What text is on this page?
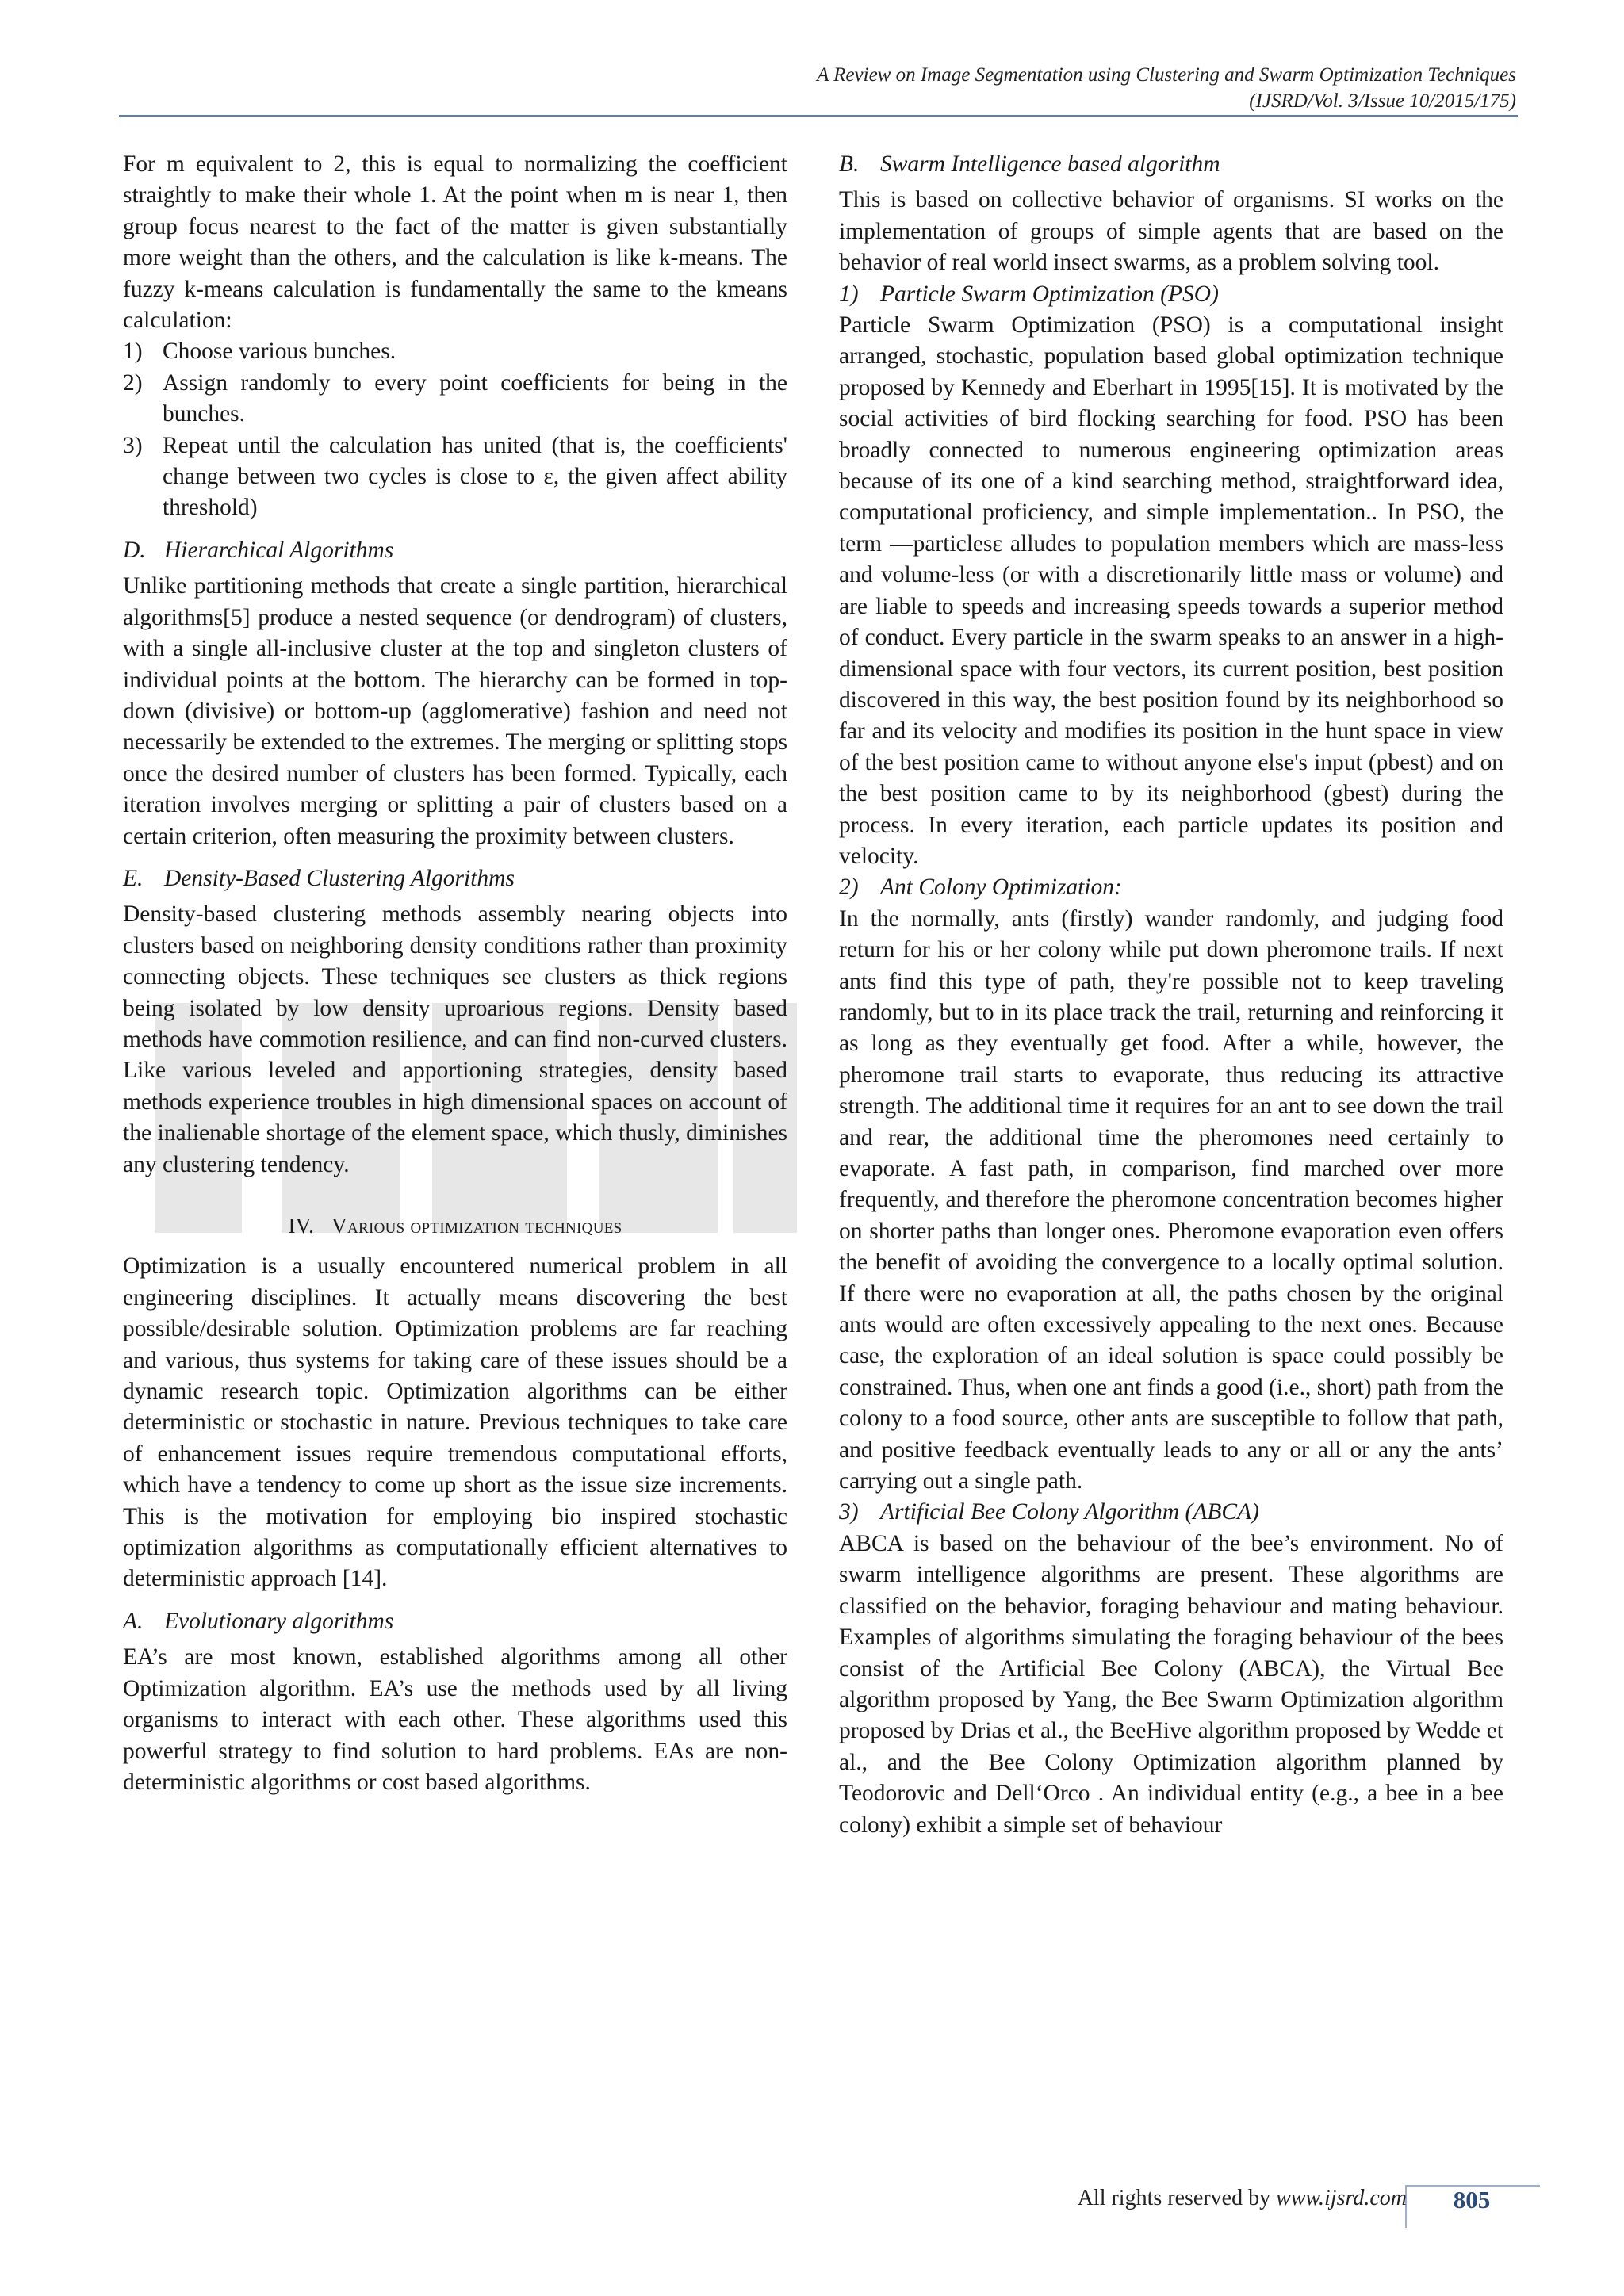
A Review on Image Segmentation using Clustering and Swarm Optimization Techniques
(IJSRD/Vol. 3/Issue 10/2015/175)

For m equivalent to 2, this is equal to normalizing the coefficient straightly to make their whole 1. At the point when m is near 1, then group focus nearest to the fact of the matter is given substantially more weight than the others, and the calculation is like k-means. The fuzzy k-means calculation is fundamentally the same to the kmeans calculation:

1) Choose various bunches.
2) Assign randomly to every point coefficients for being in the bunches.
3) Repeat until the calculation has united (that is, the coefficients' change between two cycles is close to ε, the given affect ability threshold)
D. Hierarchical Algorithms

Unlike partitioning methods that create a single partition, hierarchical algorithms[5] produce a nested sequence (or dendrogram) of clusters, with a single all-inclusive cluster at the top and singleton clusters of individual points at the bottom. The hierarchy can be formed in top-down (divisive) or bottom-up (agglomerative) fashion and need not necessarily be extended to the extremes. The merging or splitting stops once the desired number of clusters has been formed. Typically, each iteration involves merging or splitting a pair of clusters based on a certain criterion, often measuring the proximity between clusters.

E. Density-Based Clustering Algorithms

Density-based clustering methods assembly nearing objects into clusters based on neighboring density conditions rather than proximity connecting objects. These techniques see clusters as thick regions being isolated by low density uproarious regions. Density based methods have commotion resilience, and can find non-curved clusters. Like various leveled and apportioning strategies, density based methods experience troubles in high dimensional spaces on account of the inalienable shortage of the element space, which thusly, diminishes any clustering tendency.

IV. Various optimization techniques

Optimization is a usually encountered numerical problem in all engineering disciplines. It actually means discovering the best possible/desirable solution. Optimization problems are far reaching and various, thus systems for taking care of these issues should be a dynamic research topic. Optimization algorithms can be either deterministic or stochastic in nature. Previous techniques to take care of enhancement issues require tremendous computational efforts, which have a tendency to come up short as the issue size increments. This is the motivation for employing bio inspired stochastic optimization algorithms as computationally efficient alternatives to deterministic approach [14].

A. Evolutionary algorithms

EA’s are most known, established algorithms among all other Optimization algorithm. EA’s use the methods used by all living organisms to interact with each other. These algorithms used this powerful strategy to find solution to hard problems. EAs are non-deterministic algorithms or cost based algorithms.

B. Swarm Intelligence based algorithm

This is based on collective behavior of organisms. SI works on the implementation of groups of simple agents that are based on the behavior of real world insect swarms, as a problem solving tool.

1) Particle Swarm Optimization (PSO)

Particle Swarm Optimization (PSO) is a computational insight arranged, stochastic, population based global optimization technique proposed by Kennedy and Eberhart in 1995[15]. It is motivated by the social activities of bird flocking searching for food. PSO has been broadly connected to numerous engineering optimization areas because of its one of a kind searching method, straightforward idea, computational proficiency, and simple implementation.. In PSO, the term ―particlesε alludes to population members which are mass-less and volume-less (or with a discretionarily little mass or volume) and are liable to speeds and increasing speeds towards a superior method of conduct. Every particle in the swarm speaks to an answer in a high-dimensional space with four vectors, its current position, best position discovered in this way, the best position found by its neighborhood so far and its velocity and modifies its position in the hunt space in view of the best position came to without anyone else's input (pbest) and on the best position came to by its neighborhood (gbest) during the process. In every iteration, each particle updates its position and velocity.

2) Ant Colony Optimization:

In the normally, ants (firstly) wander randomly, and judging food return for his or her colony while put down pheromone trails. If next ants find this type of path, they're possible not to keep traveling randomly, but to in its place track the trail, returning and reinforcing it as long as they eventually get food. After a while, however, the pheromone trail starts to evaporate, thus reducing its attractive strength. The additional time it requires for an ant to see down the trail and rear, the additional time the pheromones need certainly to evaporate. A fast path, in comparison, find marched over more frequently, and therefore the pheromone concentration becomes higher on shorter paths than longer ones. Pheromone evaporation even offers the benefit of avoiding the convergence to a locally optimal solution. If there were no evaporation at all, the paths chosen by the original ants would are often excessively appealing to the next ones. Because case, the exploration of an ideal solution is space could possibly be constrained. Thus, when one ant finds a good (i.e., short) path from the colony to a food source, other ants are susceptible to follow that path, and positive feedback eventually leads to any or all or any the ants’ carrying out a single path.

3) Artificial Bee Colony Algorithm (ABCA)

ABCA is based on the behaviour of the bee’s environment. No of swarm intelligence algorithms are present. These algorithms are classified on the behavior, foraging behaviour and mating behaviour. Examples of algorithms simulating the foraging behaviour of the bees consist of the Artificial Bee Colony (ABCA), the Virtual Bee algorithm proposed by Yang, the Bee Swarm Optimization algorithm proposed by Drias et al., the BeeHive algorithm proposed by Wedde et al., and the Bee Colony Optimization algorithm planned by Teodorovic and Dell‘Orco . An individual entity (e.g., a bee in a bee colony) exhibit a simple set of behaviour

All rights reserved by www.ijsrd.com	805
